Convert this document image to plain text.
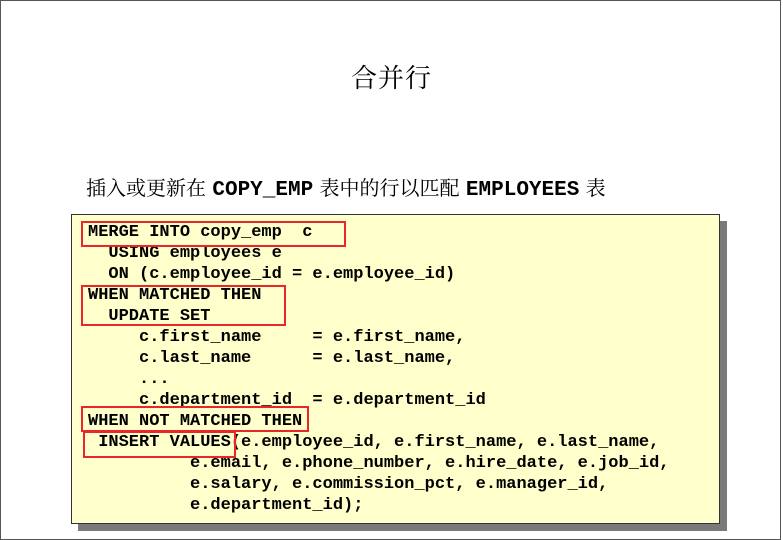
合并行
插入或更新在 COPY_EMP 表中的行以匹配 EMPLOYEES 表
MERGE INTO copy_emp  c
USING employees e
ON (c.employee_id = e.employee_id)
WHEN MATCHED THEN
UPDATE SET
c.first_name     = e.first_name,
c.last_name      = e.last_name,
...
c.department_id  = e.department_id
WHEN NOT MATCHED THEN
INSERT VALUES(e.employee_id, e.first_name, e.last_name,
e.email, e.phone_number, e.hire_date, e.job_id,
e.salary, e.commission_pct, e.manager_id,
e.department_id);
